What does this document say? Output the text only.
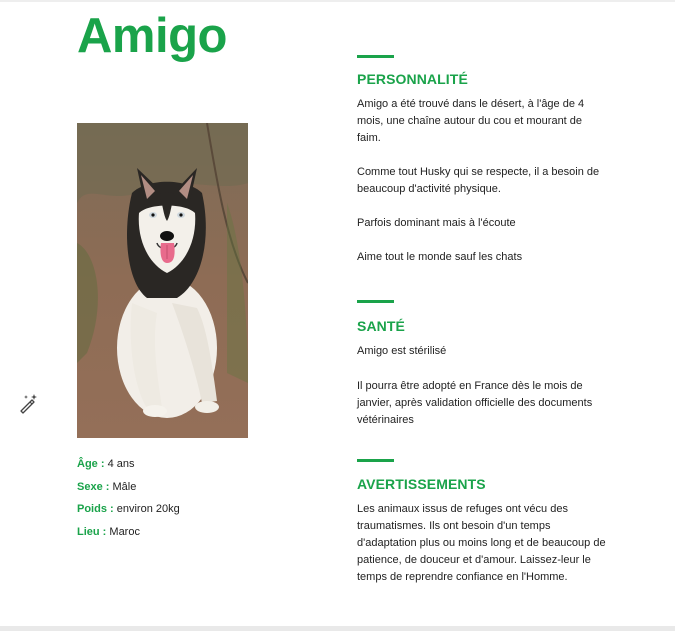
Amigo
Âge : 4 ans
Sexe : Mâle
Poids : environ 20kg
Lieu : Maroc
PERSONNALITÉ

Amigo a été trouvé dans le désert, à l'âge de 4 mois, une chaîne autour du cou et mourant de faim.

Comme tout Husky qui se respecte, il a besoin de beaucoup d'activité physique.

Parfois dominant mais à l'écoute

Aime tout le monde sauf les chats

SANTÉ

Amigo est stérilisé

Il pourra être adopté en France dès le mois de janvier, après validation officielle des documents vétérinaires

AVERTISSEMENTS

Les animaux issus de refuges ont vécu des traumatismes. Ils ont besoin d'un temps d'adaptation plus ou moins long et de beaucoup de patience, de douceur et d'amour. Laissez-leur le temps de reprendre confiance en l'Homme.
